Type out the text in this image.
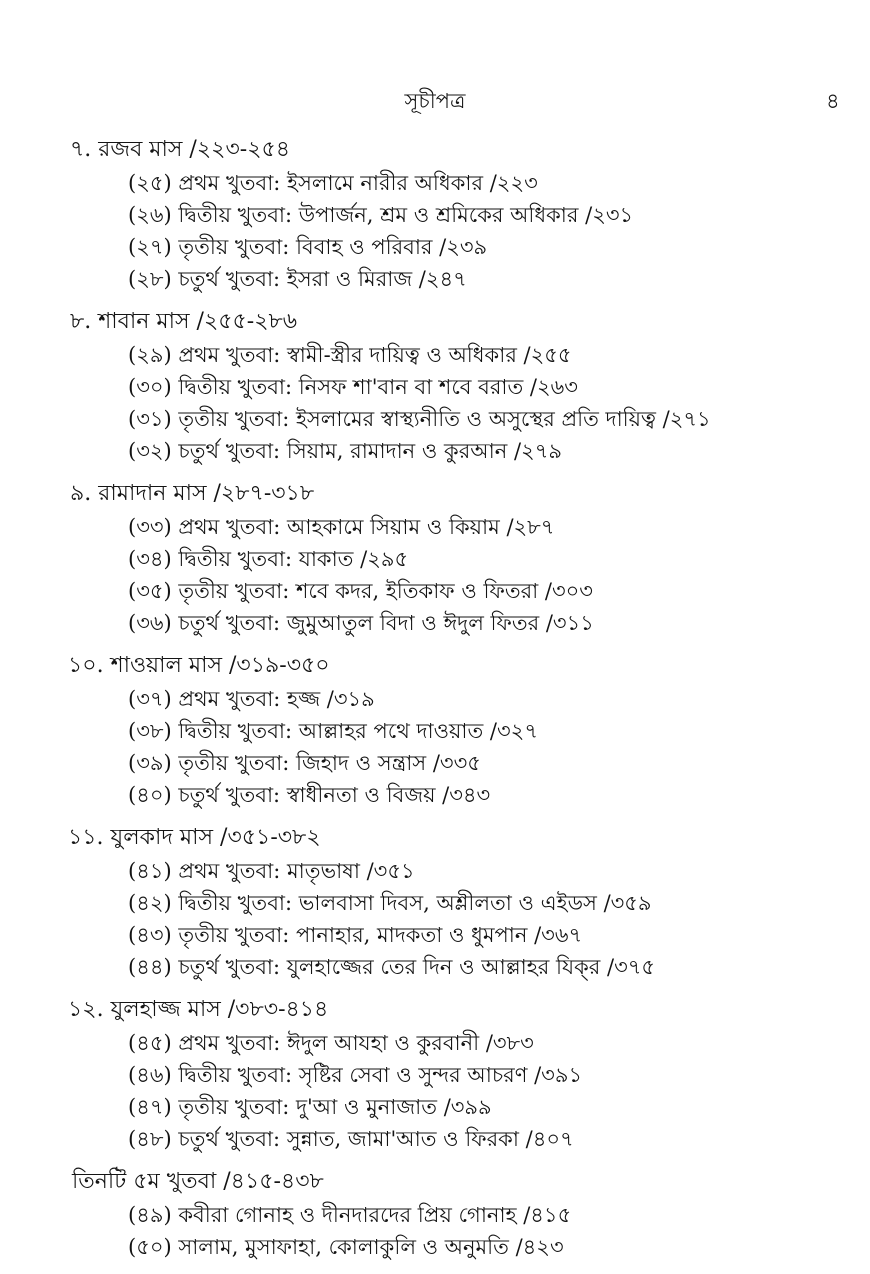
সূচীপত্র	৪
৭. রজব মাস /২২৩-২৫৪
(২৫) প্রথম খুতবা: ইসলামে নারীর অধিকার /২২৩
(২৬) দ্বিতীয় খুতবা: উপার্জন, শ্রম ও শ্রমিকের অধিকার /২৩১
(২৭) তৃতীয় খুতবা: বিবাহ ও পরিবার /২৩৯
(২৮) চতুর্থ খুতবা: ইসরা ও মিরাজ /২৪৭
৮. শাবান মাস /২৫৫-২৮৬
(২৯) প্রথম খুতবা: স্বামী-স্ত্রীর দায়িত্ব ও অধিকার /২৫৫
(৩০) দ্বিতীয় খুতবা: নিসফ শা'বান বা শবে বরাত /২৬৩
(৩১) তৃতীয় খুতবা: ইসলামের স্বাস্থ্যনীতি ও অসুস্থের প্রতি দায়িত্ব /২৭১
(৩২) চতুর্থ খুতবা: সিয়াম, রামাদান ও কুরআন /২৭৯
৯. রামাদান মাস /২৮৭-৩১৮
(৩৩) প্রথম খুতবা: আহকামে সিয়াম ও কিয়াম /২৮৭
(৩৪) দ্বিতীয় খুতবা: যাকাত /২৯৫
(৩৫) তৃতীয় খুতবা: শবে কদর, ইতিকাফ ও ফিতরা /৩০৩
(৩৬) চতুর্থ খুতবা: জুমুআতুল বিদা ও ঈদুল ফিতর /৩১১
১০. শাওয়াল মাস /৩১৯-৩৫০
(৩৭) প্রথম খুতবা: হজ্জ /৩১৯
(৩৮) দ্বিতীয় খুতবা: আল্লাহর পথে দাওয়াত /৩২৭
(৩৯) তৃতীয় খুতবা: জিহাদ ও সন্ত্রাস /৩৩৫
(৪০) চতুর্থ খুতবা: স্বাধীনতা ও বিজয় /৩৪৩
১১. যুলকাদ মাস /৩৫১-৩৮২
(৪১) প্রথম খুতবা: মাতৃভাষা /৩৫১
(৪২) দ্বিতীয় খুতবা: ভালবাসা দিবস, অশ্লীলতা ও এইডস /৩৫৯
(৪৩) তৃতীয় খুতবা: পানাহার, মাদকতা ও ধুমপান /৩৬৭
(৪৪) চতুর্থ খুতবা: যুলহাজ্জের তের দিন ও আল্লাহর যিক্‌র /৩৭৫
১২. যুলহাজ্জ মাস /৩৮৩-৪১৪
(৪৫) প্রথম খুতবা: ঈদুল আযহা ও কুরবানী /৩৮৩
(৪৬) দ্বিতীয় খুতবা: সৃষ্টির সেবা ও সুন্দর আচরণ /৩৯১
(৪৭) তৃতীয় খুতবা: দু'আ ও মুনাজাত /৩৯৯
(৪৮) চতুর্থ খুতবা: সুন্নাত, জামা'আত ও ফিরকা /৪০৭
তিনটি ৫ম খুতবা /৪১৫-৪৩৮
(৪৯) কবীরা গোনাহ ও দীনদারদের প্রিয় গোনাহ /৪১৫
(৫০) সালাম, মুসাফাহা, কোলাকুলি ও অনুমতি /৪২৩
